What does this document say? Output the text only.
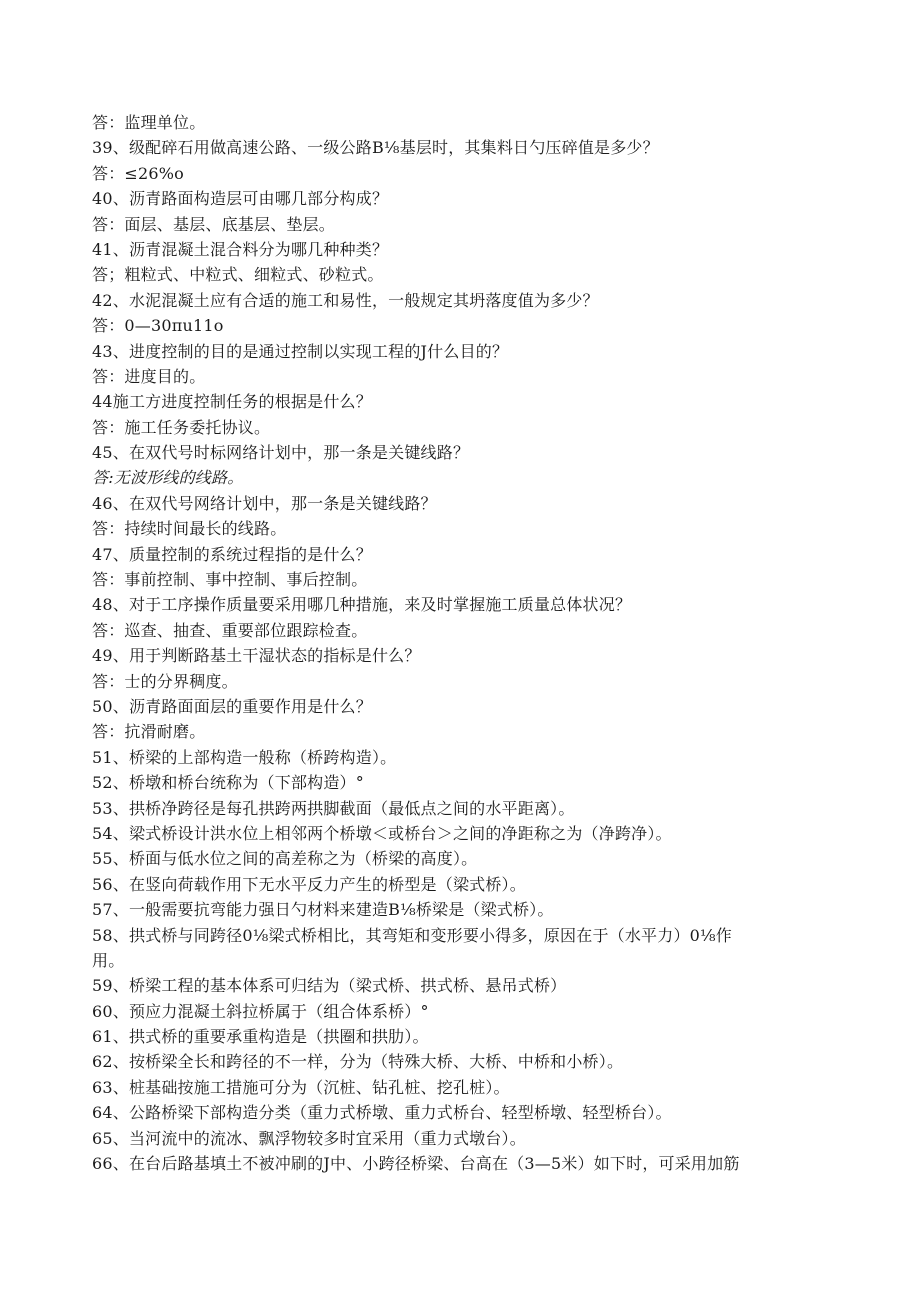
答：监理单位。
39、级配碎石用做高速公路、一级公路B⅛基层时，其集料日勺压碎值是多少？
答：≤26%o
40、沥青路面构造层可由哪几部分构成？
答：面层、基层、底基层、垫层。
41、沥青混凝土混合料分为哪几种种类？
答；粗粒式、中粒式、细粒式、砂粒式。
42、水泥混凝土应有合适的施工和易性，一般规定其坍落度值为多少？
答：0—30πu11o
43、进度控制的目的是通过控制以实现工程的J什么目的？
答：进度目的。
44施工方进度控制任务的根据是什么？
答：施工任务委托协议。
45、在双代号时标网络计划中，那一条是关键线路？
答:无波形线的线路。
46、在双代号网络计划中，那一条是关键线路？
答：持续时间最长的线路。
47、质量控制的系统过程指的是什么？
答：事前控制、事中控制、事后控制。
48、对于工序操作质量要采用哪几种措施，来及时掌握施工质量总体状况？
答：巡查、抽查、重要部位跟踪检查。
49、用于判断路基土干湿状态的指标是什么？
答：士的分界稠度。
50、沥青路面面层的重要作用是什么？
答：抗滑耐磨。
51、桥梁的上部构造一般称（桥跨构造）。
52、桥墩和桥台统称为（下部构造）°
53、拱桥净跨径是每孔拱跨两拱脚截面（最低点之间的水平距离）。
54、梁式桥设计洪水位上相邻两个桥墩＜或桥台＞之间的净距称之为（净跨净）。
55、桥面与低水位之间的高差称之为（桥梁的高度）。
56、在竖向荷载作用下无水平反力产生的桥型是（梁式桥）。
57、一般需要抗弯能力强日勺材料来建造B⅛桥梁是（梁式桥）。
58、拱式桥与同跨径0⅛梁式桥相比，其弯矩和变形要小得多，原因在于（水平力）0⅛作
用。
59、桥梁工程的基本体系可归结为（梁式桥、拱式桥、悬吊式桥）
60、预应力混凝土斜拉桥属于（组合体系桥）°
61、拱式桥的重要承重构造是（拱圈和拱肋）。
62、按桥梁全长和跨径的不一样，分为（特殊大桥、大桥、中桥和小桥）。
63、桩基础按施工措施可分为（沉桩、钻孔桩、挖孔桩）。
64、公路桥梁下部构造分类（重力式桥墩、重力式桥台、轻型桥墩、轻型桥台）。
65、当河流中的流冰、飘浮物较多时宜采用（重力式墩台）。
66、在台后路基填土不被冲刷的J中、小跨径桥梁、台高在（3—5米）如下时，可采用加筋
